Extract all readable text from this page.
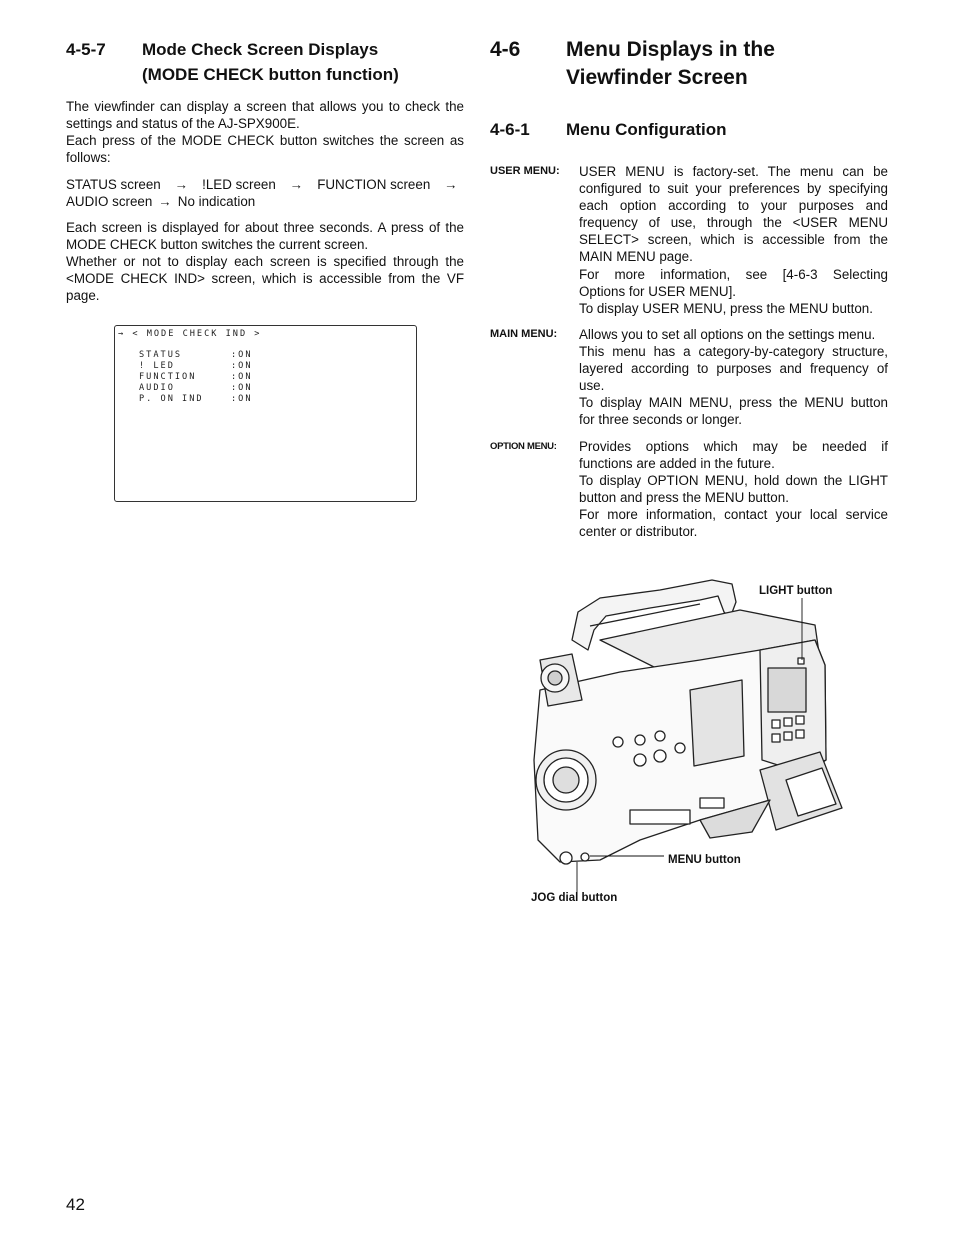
4-5-7 Mode Check Screen Displays
(MODE CHECK button function)
The viewfinder can display a screen that allows you to check the
settings and status of the AJ-SPX900E.
Each press of the MODE CHECK button switches the screen as
follows:
STATUS screen	→	!LED screen	→	FUNCTION screen	→
AUDIO screen → No indication
Each screen is displayed for about three seconds. A press of the
MODE CHECK button switches the current screen.
Whether or not to display each screen is specified through the
<MODE CHECK IND> screen, which is accessible from the VF
page.
→ < MODE CHECK IND >
STATUS	:ON
! LED	:ON
FUNCTION	:ON
AUDIO	:ON
P. ON IND	:ON
4-6 Menu Displays in the
Viewfinder Screen
4-6-1 Menu Configuration
USER MENU: USER MENU is factory-set. The menu can be
configured to suit your preferences by specifying
each option according to your purposes and
frequency of use, through the <USER MENU
SELECT> screen, which is accessible from the
MAIN MENU page.
For more information, see [4-6-3 Selecting
Options for USER MENU].
To display USER MENU, press the MENU button.
MAIN MENU: Allows you to set all options on the settings menu.
This menu has a category-by-category structure,
layered according to purposes and frequency of
use.
To display MAIN MENU, press the MENU button
for three seconds or longer.
OPTION MENU: Provides options which may be needed if
functions are added in the future.
To display OPTION MENU, hold down the LIGHT
button and press the MENU button.
For more information, contact your local service
center or distributor.
LIGHT button
MENU button
JOG dial button
42
